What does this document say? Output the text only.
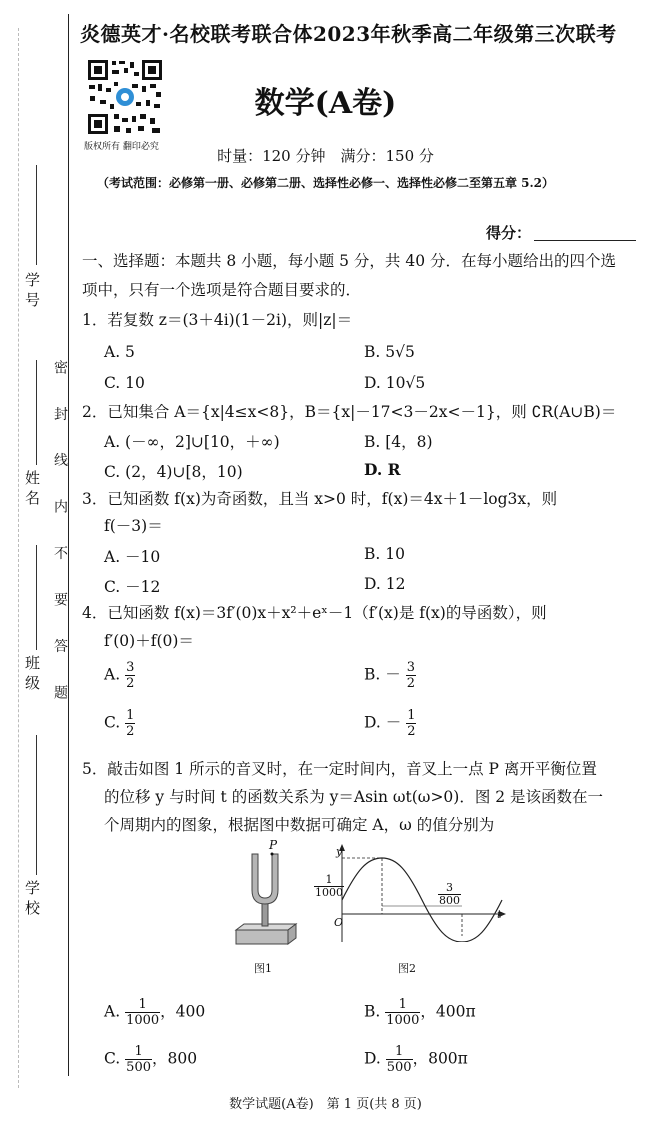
学 号
姓 名
班 级
学 校
密 封 线 内 不 要 答 题
炎德英才·名校联考联合体2023年秋季高二年级第三次联考
版权所有 翻印必究
数学(A卷)
时量：120 分钟　满分：150 分
（考试范围：必修第一册、必修第二册、选择性必修一、选择性必修二至第五章 5.2）
得分：
一、选择题：本题共 8 小题，每小题 5 分，共 40 分．在每小题给出的四个选
项中，只有一个选项是符合题目要求的．
1．若复数 z＝(3＋4i)(1－2i)，则|z|＝
A. 5	B. 5√5
C. 10	D. 10√5
2．已知集合 A＝{x|4≤x<8}，B＝{x|－17<3－2x<－1}，则 ∁R(A∪B)＝
A. (－∞，2]∪[10，＋∞)	B. [4，8)
C. (2，4)∪[8，10)	D. R
3．已知函数 f(x)为奇函数，且当 x>0 时，f(x)＝4x＋1－log3x，则
f(－3)＝
A. －10	B. 10
C. －12	D. 12
4．已知函数 f(x)＝3f′(0)x＋x²＋eˣ－1（f′(x)是 f(x)的导函数），则
f′(0)＋f(0)＝
A. $\frac{3}{2}$	B. － $\frac{3}{2}$
C. $\frac{1}{2}$	D. － $\frac{1}{2}$
5．敲击如图 1 所示的音叉时，在一定时间内，音叉上一点 P 离开平衡位置
的位移 y 与时间 t 的函数关系为 y＝Asin ωt(ω>0)．图 2 是该函数在一
个周期内的图象，根据图中数据可确定 A，ω 的值分别为
P
图1
y
t
O
$\frac{1}{1000}$	$\frac{3}{800}$
图2
A. $\frac{1}{1000}$ ，400	B. $\frac{1}{1000}$ ，400π
C. $\frac{1}{500}$ ，800	D. $\frac{1}{500}$ ，800π
数学试题(A卷)　第 1 页(共 8 页)
